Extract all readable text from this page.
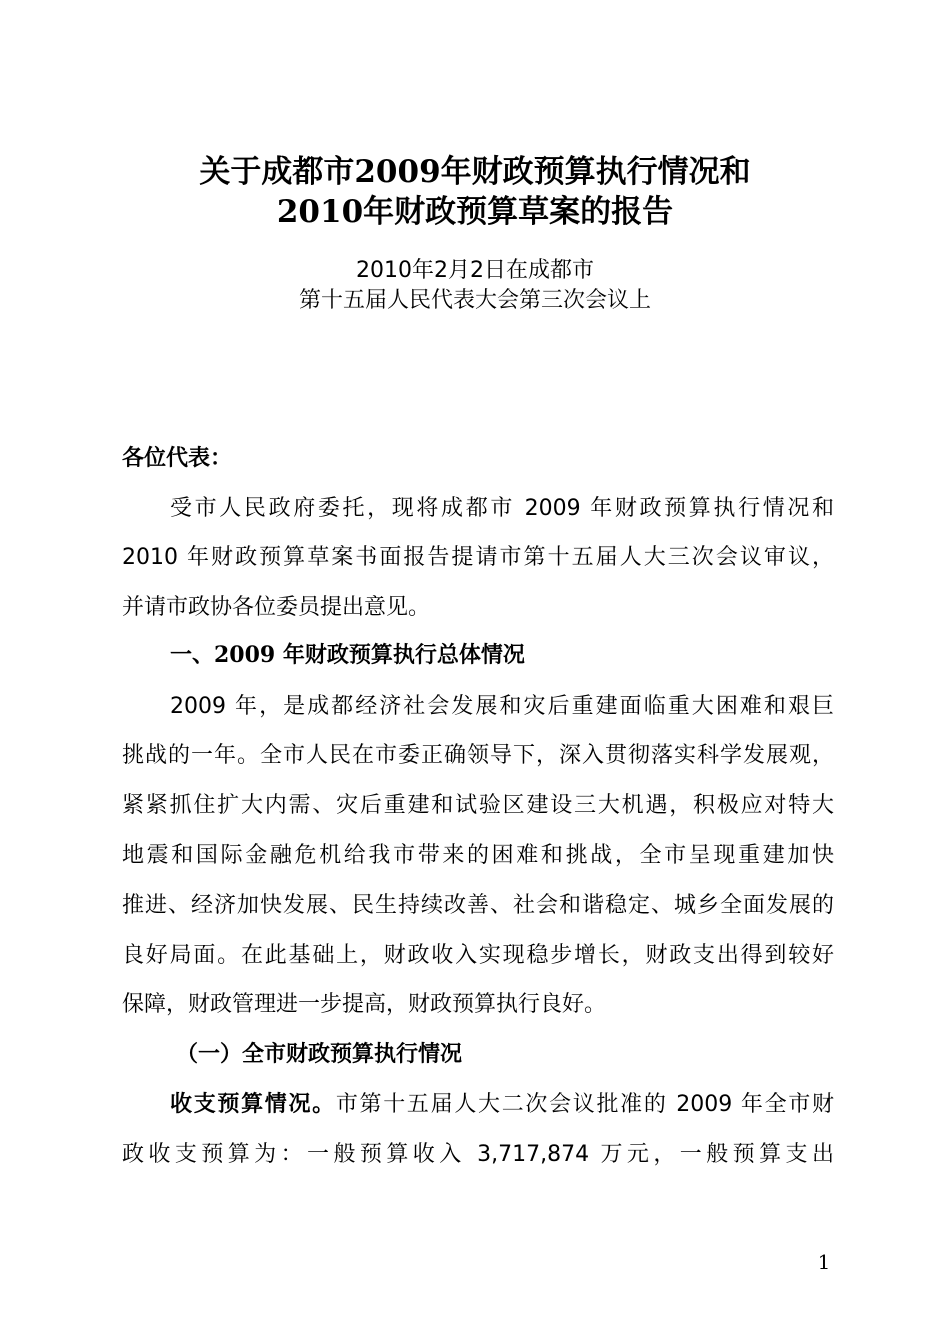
关于成都市2009年财政预算执行情况和
2010年财政预算草案的报告
2010年2月2日在成都市
第十五届人民代表大会第三次会议上
各位代表：
受市人民政府委托，现将成都市 2009 年财政预算执行情况和
2010 年财政预算草案书面报告提请市第十五届人大三次会议审议，
并请市政协各位委员提出意见。
一、2009 年财政预算执行总体情况
2009 年，是成都经济社会发展和灾后重建面临重大困难和艰巨
挑战的一年。全市人民在市委正确领导下，深入贯彻落实科学发展观，
紧紧抓住扩大内需、灾后重建和试验区建设三大机遇，积极应对特大
地震和国际金融危机给我市带来的困难和挑战，全市呈现重建加快
推进、经济加快发展、民生持续改善、社会和谐稳定、城乡全面发展的
良好局面。在此基础上，财政收入实现稳步增长，财政支出得到较好
保障，财政管理进一步提高，财政预算执行良好。
（一）全市财政预算执行情况
收支预算情况。市第十五届人大二次会议批准的 2009 年全市财
政收支预算为：一般预算收入 3,717,874 万元，一般预算支出
1
